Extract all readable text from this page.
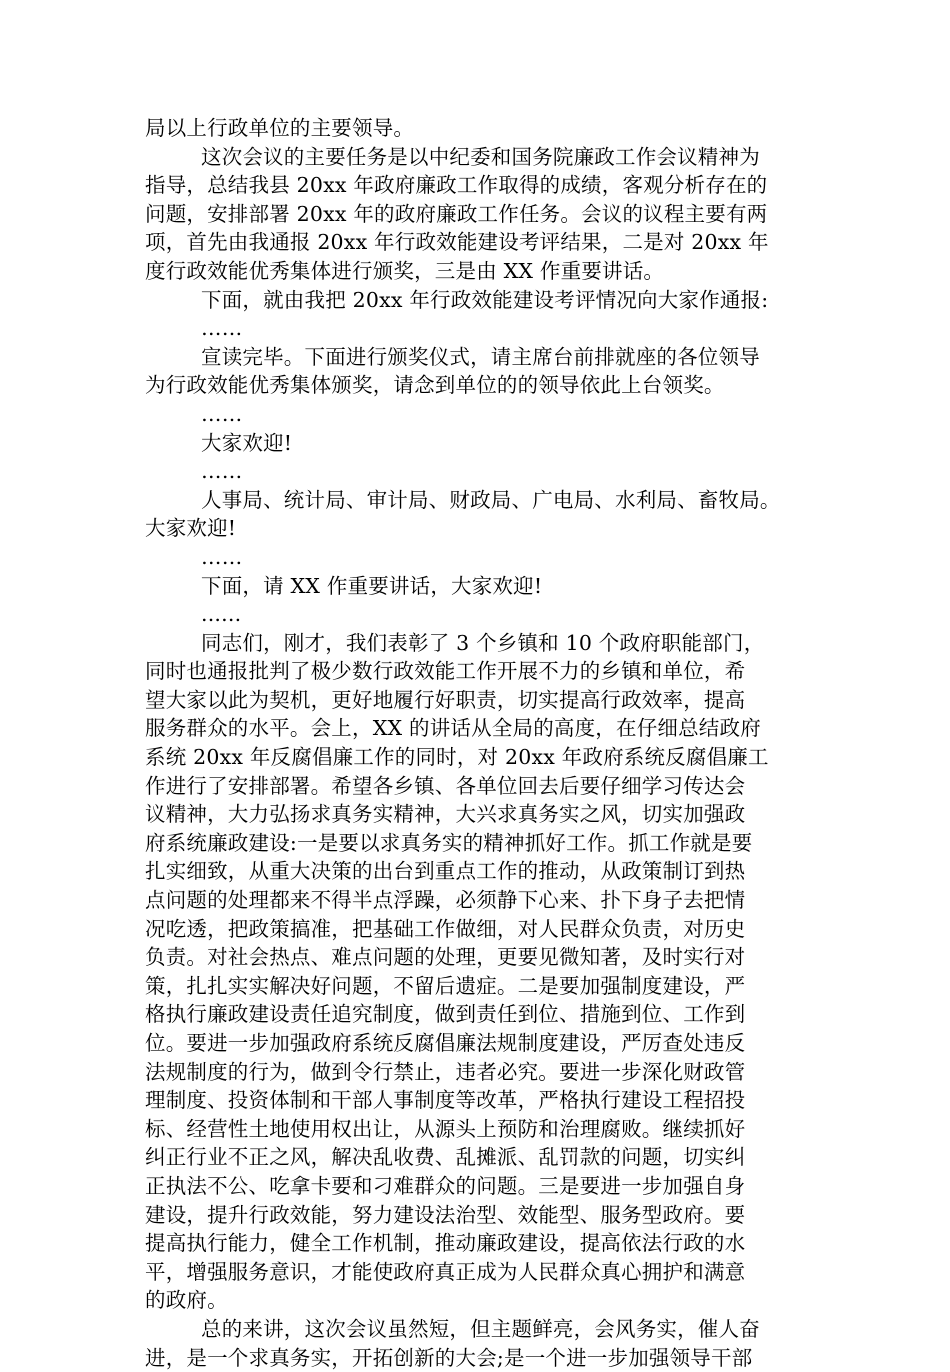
局以上行政单位的主要领导。
这次会议的主要任务是以中纪委和国务院廉政工作会议精神为
指导，总结我县 20xx 年政府廉政工作取得的成绩，客观分析存在的
问题，安排部署 20xx 年的政府廉政工作任务。会议的议程主要有两
项，首先由我通报 20xx 年行政效能建设考评结果，二是对 20xx 年
度行政效能优秀集体进行颁奖，三是由 XX 作重要讲话。
下面，就由我把 20xx 年行政效能建设考评情况向大家作通报:
……
宣读完毕。下面进行颁奖仪式，请主席台前排就座的各位领导
为行政效能优秀集体颁奖，请念到单位的的领导依此上台领奖。
……
大家欢迎!
……
人事局、统计局、审计局、财政局、广电局、水利局、畜牧局。
大家欢迎!
……
下面，请 XX 作重要讲话，大家欢迎!
......
同志们，刚才，我们表彰了 3 个乡镇和 10 个政府职能部门，
同时也通报批判了极少数行政效能工作开展不力的乡镇和单位，希
望大家以此为契机，更好地履行好职责，切实提高行政效率，提高
服务群众的水平。会上，XX 的讲话从全局的高度，在仔细总结政府
系统 20xx 年反腐倡廉工作的同时，对 20xx 年政府系统反腐倡廉工
作进行了安排部署。希望各乡镇、各单位回去后要仔细学习传达会
议精神，大力弘扬求真务实精神，大兴求真务实之风，切实加强政
府系统廉政建设:一是要以求真务实的精神抓好工作。抓工作就是要
扎实细致，从重大决策的出台到重点工作的推动，从政策制订到热
点问题的处理都来不得半点浮躁，必须静下心来、扑下身子去把情
况吃透，把政策搞准，把基础工作做细，对人民群众负责，对历史
负责。对社会热点、难点问题的处理，更要见微知著，及时实行对
策，扎扎实实解决好问题，不留后遗症。二是要加强制度建设，严
格执行廉政建设责任追究制度，做到责任到位、措施到位、工作到
位。要进一步加强政府系统反腐倡廉法规制度建设，严厉查处违反
法规制度的行为，做到令行禁止，违者必究。要进一步深化财政管
理制度、投资体制和干部人事制度等改革，严格执行建设工程招投
标、经营性土地使用权出让，从源头上预防和治理腐败。继续抓好
纠正行业不正之风，解决乱收费、乱摊派、乱罚款的问题，切实纠
正执法不公、吃拿卡要和刁难群众的问题。三是要进一步加强自身
建设，提升行政效能，努力建设法治型、效能型、服务型政府。要
提高执行能力，健全工作机制，推动廉政建设，提高依法行政的水
平，增强服务意识，才能使政府真正成为人民群众真心拥护和满意
的政府。
总的来讲，这次会议虽然短，但主题鲜亮，会风务实，催人奋
进，是一个求真务实，开拓创新的大会;是一个进一步加强领导干部
